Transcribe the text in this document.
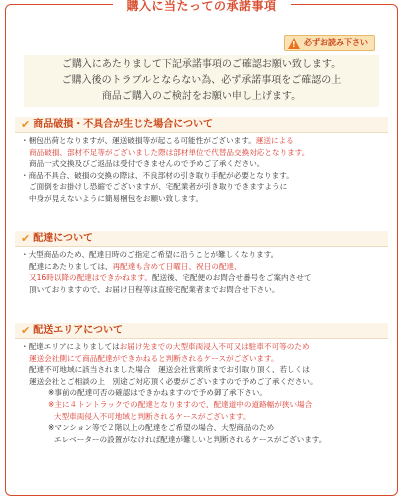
購入に当たっての承諾事項
! 必ずお読み下さい

ご購入にあたりまして下記承諾事項のご確認お願い致します。

ご購入後のトラブルとならない為、必ず承諾事項をご確認の上

商品ご購入のご検討をお願い申し上げます。

✔ 商品破損・不具合が生じた場合について
・梱包出荷となりますが、運送破損等が起こる可能性がございます。運送による
商品破損、部材不足等がございました際は部材単位で代替品交換対応となります。
商品一式交換及びご返品は受付できませんので予めご了承ください。
・商品不具合、破損の交換の際は、不良部材の引き取り手配が必要となります。
ご面倒をお掛けし恐縮でございますが、宅配業者が引き取りできますように
中身が見えないように簡易梱包をお願い致します。
✔ 配達について
・大型商品のため、配達日時のご指定ご希望に沿うことが難しくなります。
配達にあたりましては、再配達も含めて日曜日、祝日の配達、
又16時以降の配達はできかねます。配送後、宅配便のお問合せ番号をご案内させて
頂いておりますので、お届け日程等は直接宅配業者までお問合せ下さい。
✔ 配送エリアについて
・配達エリアによりましてはお届け先までの大型車両浸入不可又は駐車不可等のため
運送会社側にて商品配達ができかねると判断されるケースがございます。
配達不可地域に該当されました場合　運送会社営業所までお引取り頂く、若しくは
運送会社とご相談の上　別途ご対応頂く必要がございますので予めご了承ください。
※事前の配達可否の確認はできかねますので予め御了承下さい。
※主に４トントラックでの配達となりますので、配達道中の道路幅が狭い場合
大型車両侵入不可地域と判断されるケースがございます。
※マンション等で２階以上の配達をご希望の場合、大型商品のため
エレベーターの設置がなければ配達が難しいと判断されるケースがございます。
